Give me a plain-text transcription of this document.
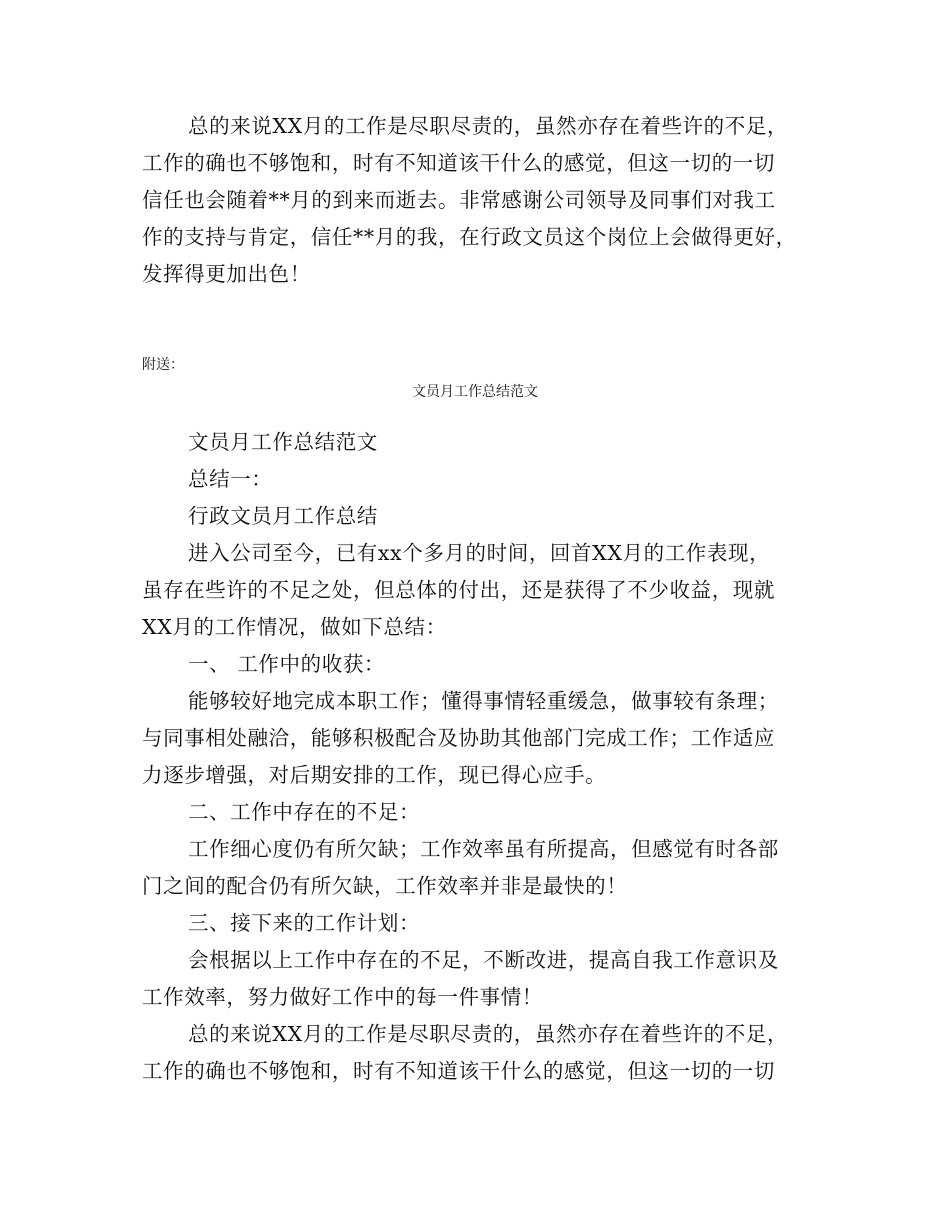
总的来说XX月的工作是尽职尽责的，虽然亦存在着些许的不足，
工作的确也不够饱和，时有不知道该干什么的感觉，但这一切的一切
信任也会随着**月的到来而逝去。非常感谢公司领导及同事们对我工
作的支持与肯定，信任**月的我，在行政文员这个岗位上会做得更好，
发挥得更加出色！

附送：

文员月工作总结范文

文员月工作总结范文

总结一：

行政文员月工作总结

进入公司至今，已有xx个多月的时间，回首XX月的工作表现，
虽存在些许的不足之处，但总体的付出，还是获得了不少收益，现就
XX月的工作情况，做如下总结：

一、 工作中的收获：

能够较好地完成本职工作；懂得事情轻重缓急，做事较有条理；
与同事相处融洽，能够积极配合及协助其他部门完成工作；工作适应
力逐步增强，对后期安排的工作，现已得心应手。

二、工作中存在的不足：

工作细心度仍有所欠缺；工作效率虽有所提高，但感觉有时各部
门之间的配合仍有所欠缺，工作效率并非是最快的！

三、接下来的工作计划：

会根据以上工作中存在的不足，不断改进，提高自我工作意识及
工作效率，努力做好工作中的每一件事情！

总的来说XX月的工作是尽职尽责的，虽然亦存在着些许的不足，
工作的确也不够饱和，时有不知道该干什么的感觉，但这一切的一切
